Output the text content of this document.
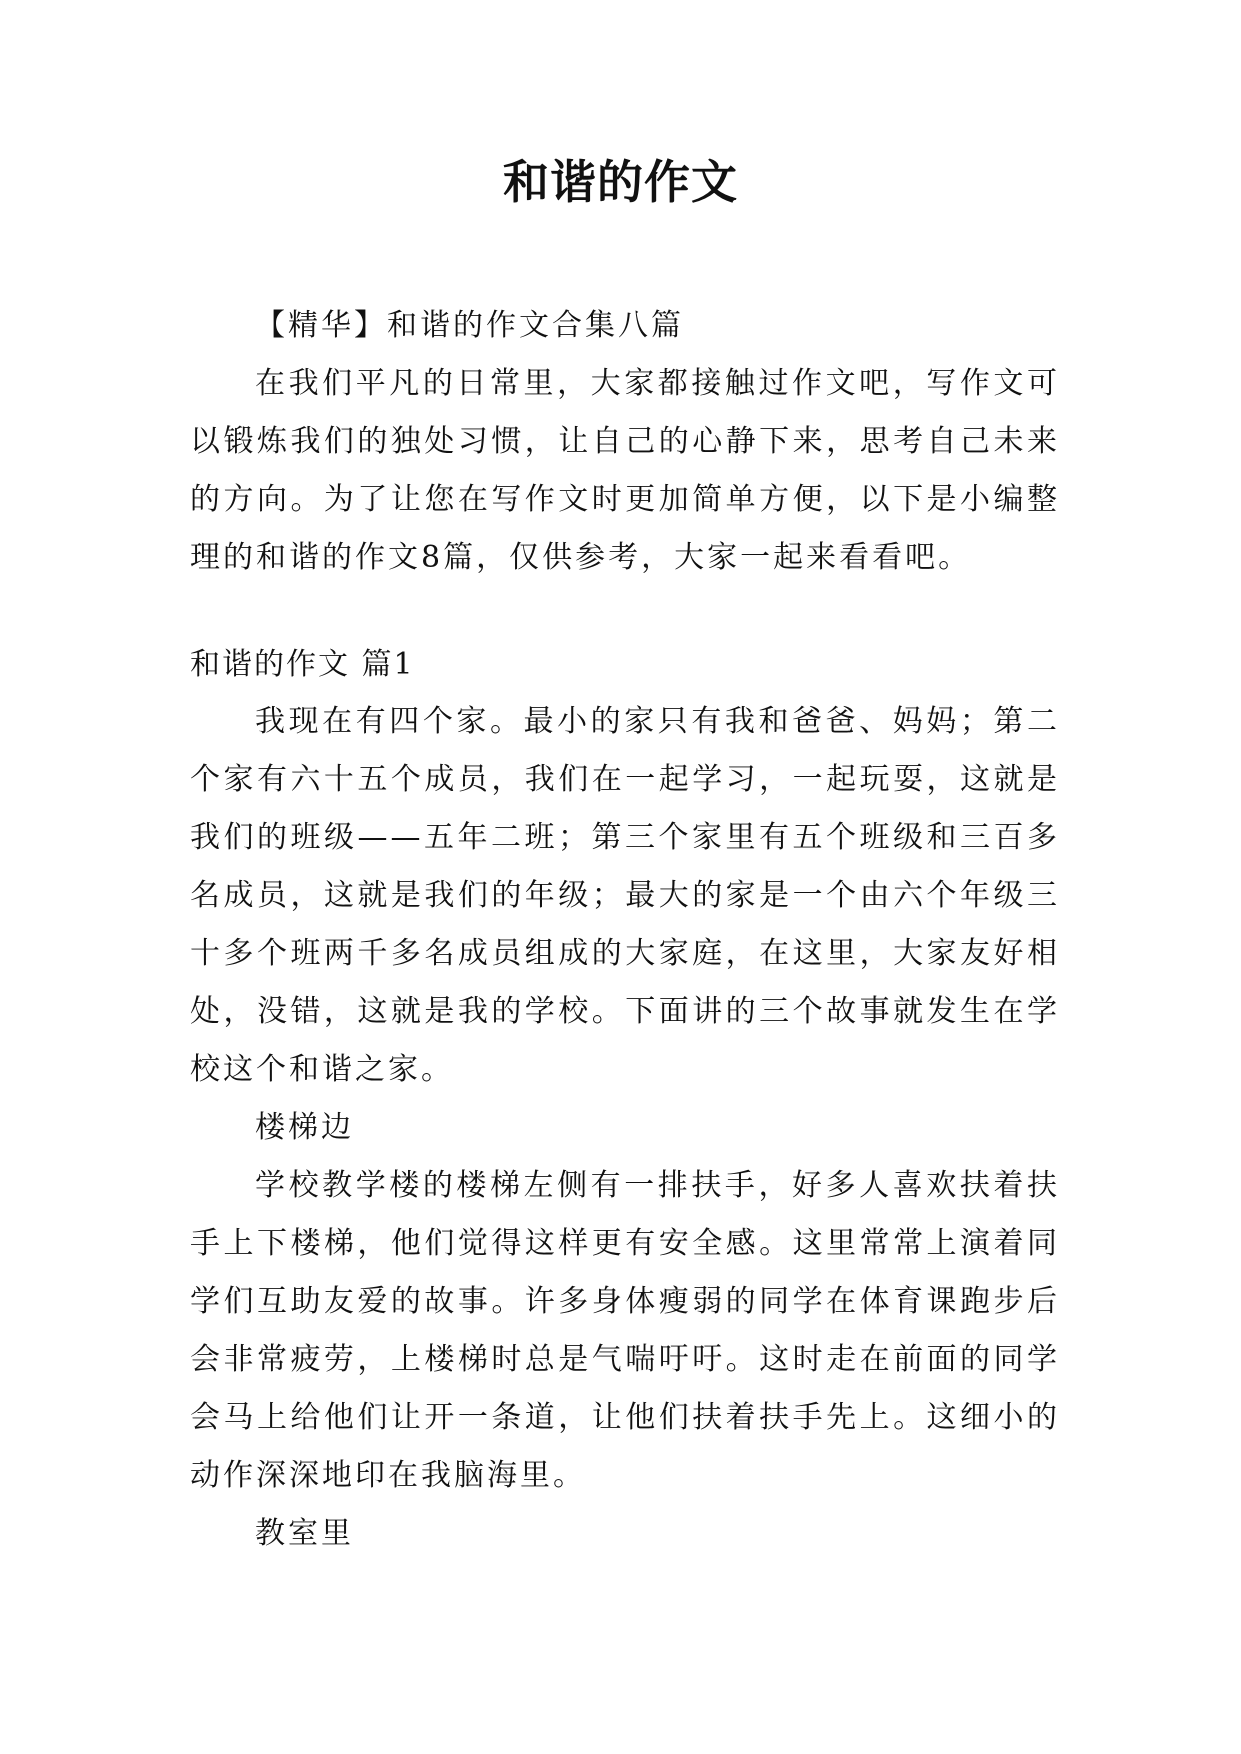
和谐的作文

【精华】和谐的作文合集八篇

在我们平凡的日常里，大家都接触过作文吧，写作文可以锻炼我们的独处习惯，让自己的心静下来，思考自己未来的方向。为了让您在写作文时更加简单方便，以下是小编整理的和谐的作文8篇，仅供参考，大家一起来看看吧。

和谐的作文 篇1

我现在有四个家。最小的家只有我和爸爸、妈妈；第二个家有六十五个成员，我们在一起学习，一起玩耍，这就是我们的班级——五年二班；第三个家里有五个班级和三百多名成员，这就是我们的年级；最大的家是一个由六个年级三十多个班两千多名成员组成的大家庭，在这里，大家友好相处，没错，这就是我的学校。下面讲的三个故事就发生在学校这个和谐之家。

楼梯边

学校教学楼的楼梯左侧有一排扶手，好多人喜欢扶着扶手上下楼梯，他们觉得这样更有安全感。这里常常上演着同学们互助友爱的故事。许多身体瘦弱的同学在体育课跑步后会非常疲劳，上楼梯时总是气喘吁吁。这时走在前面的同学会马上给他们让开一条道，让他们扶着扶手先上。这细小的动作深深地印在我脑海里。

教室里
